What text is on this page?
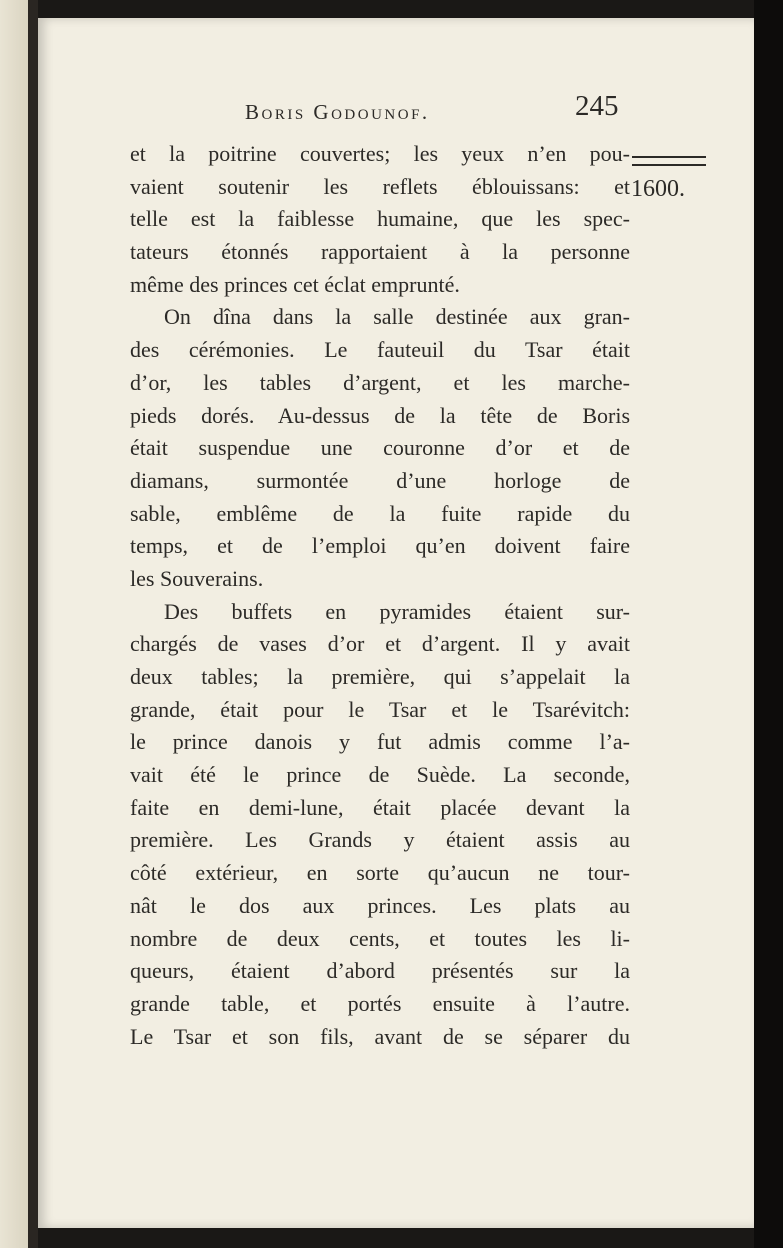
Boris Godounof.	245
1600.
et la poitrine couvertes; les yeux n’en pou-
vaient soutenir les reflets éblouissans: et
telle est la faiblesse humaine, que les spec-
tateurs étonnés rapportaient à la personne
même des princes cet éclat emprunté.
On dîna dans la salle destinée aux gran-
des cérémonies. Le fauteuil du Tsar était
d’or, les tables d’argent, et les marche-
pieds dorés. Au-dessus de la tête de Boris
était suspendue une couronne d’or et de
diamans, surmontée d’une horloge de
sable, emblême de la fuite rapide du
temps, et de l’emploi qu’en doivent faire
les Souverains.
Des buffets en pyramides étaient sur-
chargés de vases d’or et d’argent. Il y avait
deux tables; la première, qui s’appelait la
grande, était pour le Tsar et le Tsarévitch:
le prince danois y fut admis comme l’a-
vait été le prince de Suède. La seconde,
faite en demi-lune, était placée devant la
première. Les Grands y étaient assis au
côté extérieur, en sorte qu’aucun ne tour-
nât le dos aux princes. Les plats au
nombre de deux cents, et toutes les li-
queurs, étaient d’abord présentés sur la
grande table, et portés ensuite à l’autre.
Le Tsar et son fils, avant de se séparer du
